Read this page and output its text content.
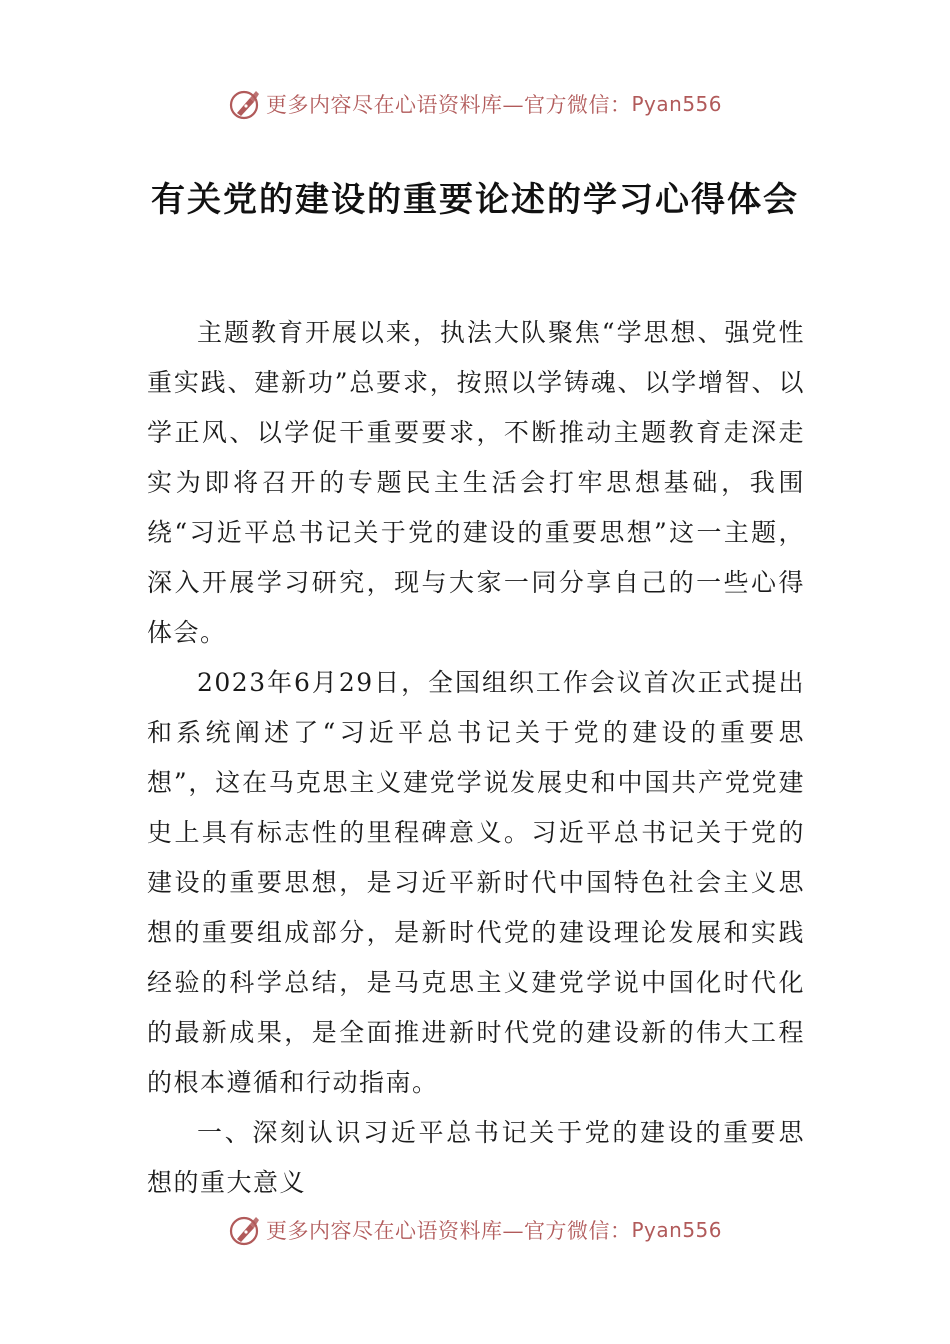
更多内容尽在心语资料库—官方微信： Pyan556
有关党的建设的重要论述的学习心得体会

主题教育开展以来，执法大队聚焦“学思想、强党性重实践、建新功”总要求，按照以学铸魂、以学增智、以学正风、以学促干重要要求，不断推动主题教育走深走实为即将召开的专题民主生活会打牢思想基础，我围绕“习近平总书记关于党的建设的重要思想”这一主题，深入开展学习研究，现与大家一同分享自己的一些心得体会。

2023年6月29日，全国组织工作会议首次正式提出和系统阐述了“习近平总书记关于党的建设的重要思想”，这在马克思主义建党学说发展史和中国共产党党建史上具有标志性的里程碑意义。习近平总书记关于党的建设的重要思想，是习近平新时代中国特色社会主义思想的重要组成部分，是新时代党的建设理论发展和实践经验的科学总结，是马克思主义建党学说中国化时代化的最新成果，是全面推进新时代党的建设新的伟大工程的根本遵循和行动指南。

一、深刻认识习近平总书记关于党的建设的重要思想的重大意义

更多内容尽在心语资料库—官方微信： Pyan556
